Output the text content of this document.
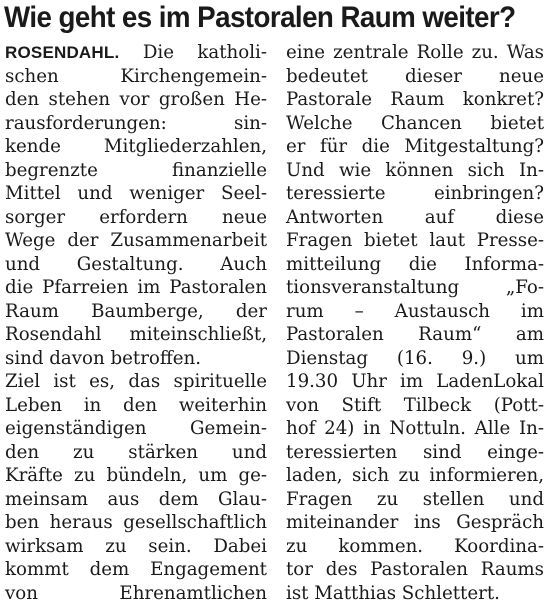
Wie geht es im Pastoralen Raum weiter?
ROSENDAHL. Die katholi-
schen Kirchengemein-
den stehen vor großen He-
rausforderungen: sin-
kende Mitgliederzahlen,
begrenzte finanzielle
Mittel und weniger Seel-
sorger erfordern neue
Wege der Zusammenarbeit
und Gestaltung. Auch
die Pfarreien im Pastoralen
Raum Baumberge, der
Rosendahl miteinschließt,
sind davon betroffen.
Ziel ist es, das spirituelle
Leben in den weiterhin
eigenständigen Gemein-
den zu stärken und
Kräfte zu bündeln, um ge-
meinsam aus dem Glau-
ben heraus gesellschaftlich
wirksam zu sein. Dabei
kommt dem Engagement
von Ehrenamtlichen
eine zentrale Rolle zu. Was
bedeutet dieser neue
Pastorale Raum konkret?
Welche Chancen bietet
er für die Mitgestaltung?
Und wie können sich In-
teressierte einbringen?
Antworten auf diese
Fragen bietet laut Presse-
mitteilung die Informa-
tionsveranstaltung „Fo-
rum – Austausch im
Pastoralen Raum“ am
Dienstag (16. 9.) um
19.30 Uhr im LadenLokal
von Stift Tilbeck (Pott-
hof 24) in Nottuln. Alle In-
teressierten sind einge-
laden, sich zu informieren,
Fragen zu stellen und
miteinander ins Gespräch
zu kommen. Koordina-
tor des Pastoralen Raums
ist Matthias Schlettert.
